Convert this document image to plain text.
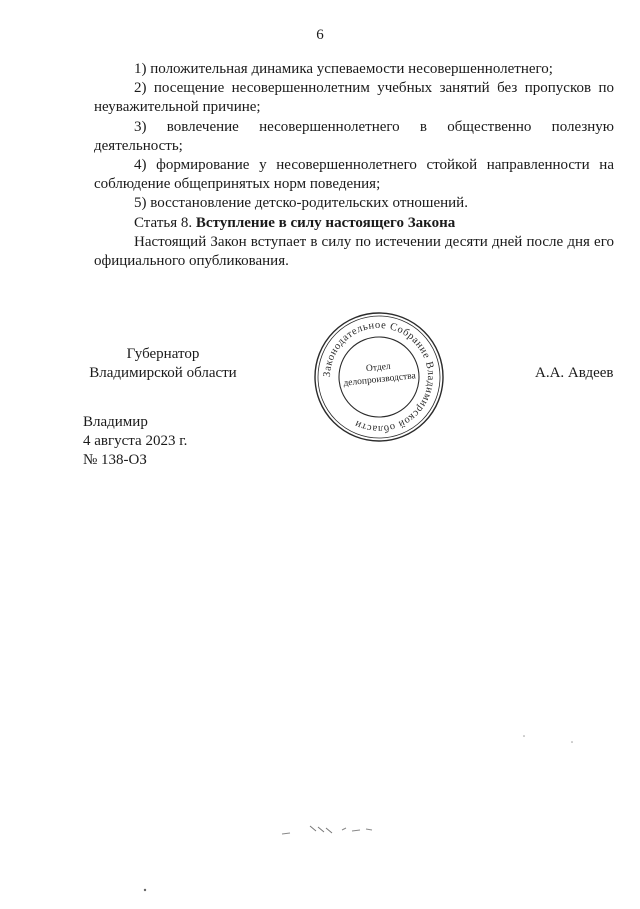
6

1) положительная динамика успеваемости несовершеннолетнего;

2) посещение несовершеннолетним учебных занятий без пропусков по неуважительной причине;

3) вовлечение несовершеннолетнего в общественно полезную деятельность;

4) формирование у несовершеннолетнего стойкой направленности на соблюдение общепринятых норм поведения;

5) восстановление детско-родительских отношений.

Статья 8. Вступление в силу настоящего Закона

Настоящий Закон вступает в силу по истечении десяти дней после дня его официального опубликования.

Губернатор
Владимирской области	А.А. Авдеев
Законодательное Собрание Владимирской области
Отдел
делопроизводства
Владимир
4 августа 2023 г.
№ 138-ОЗ
